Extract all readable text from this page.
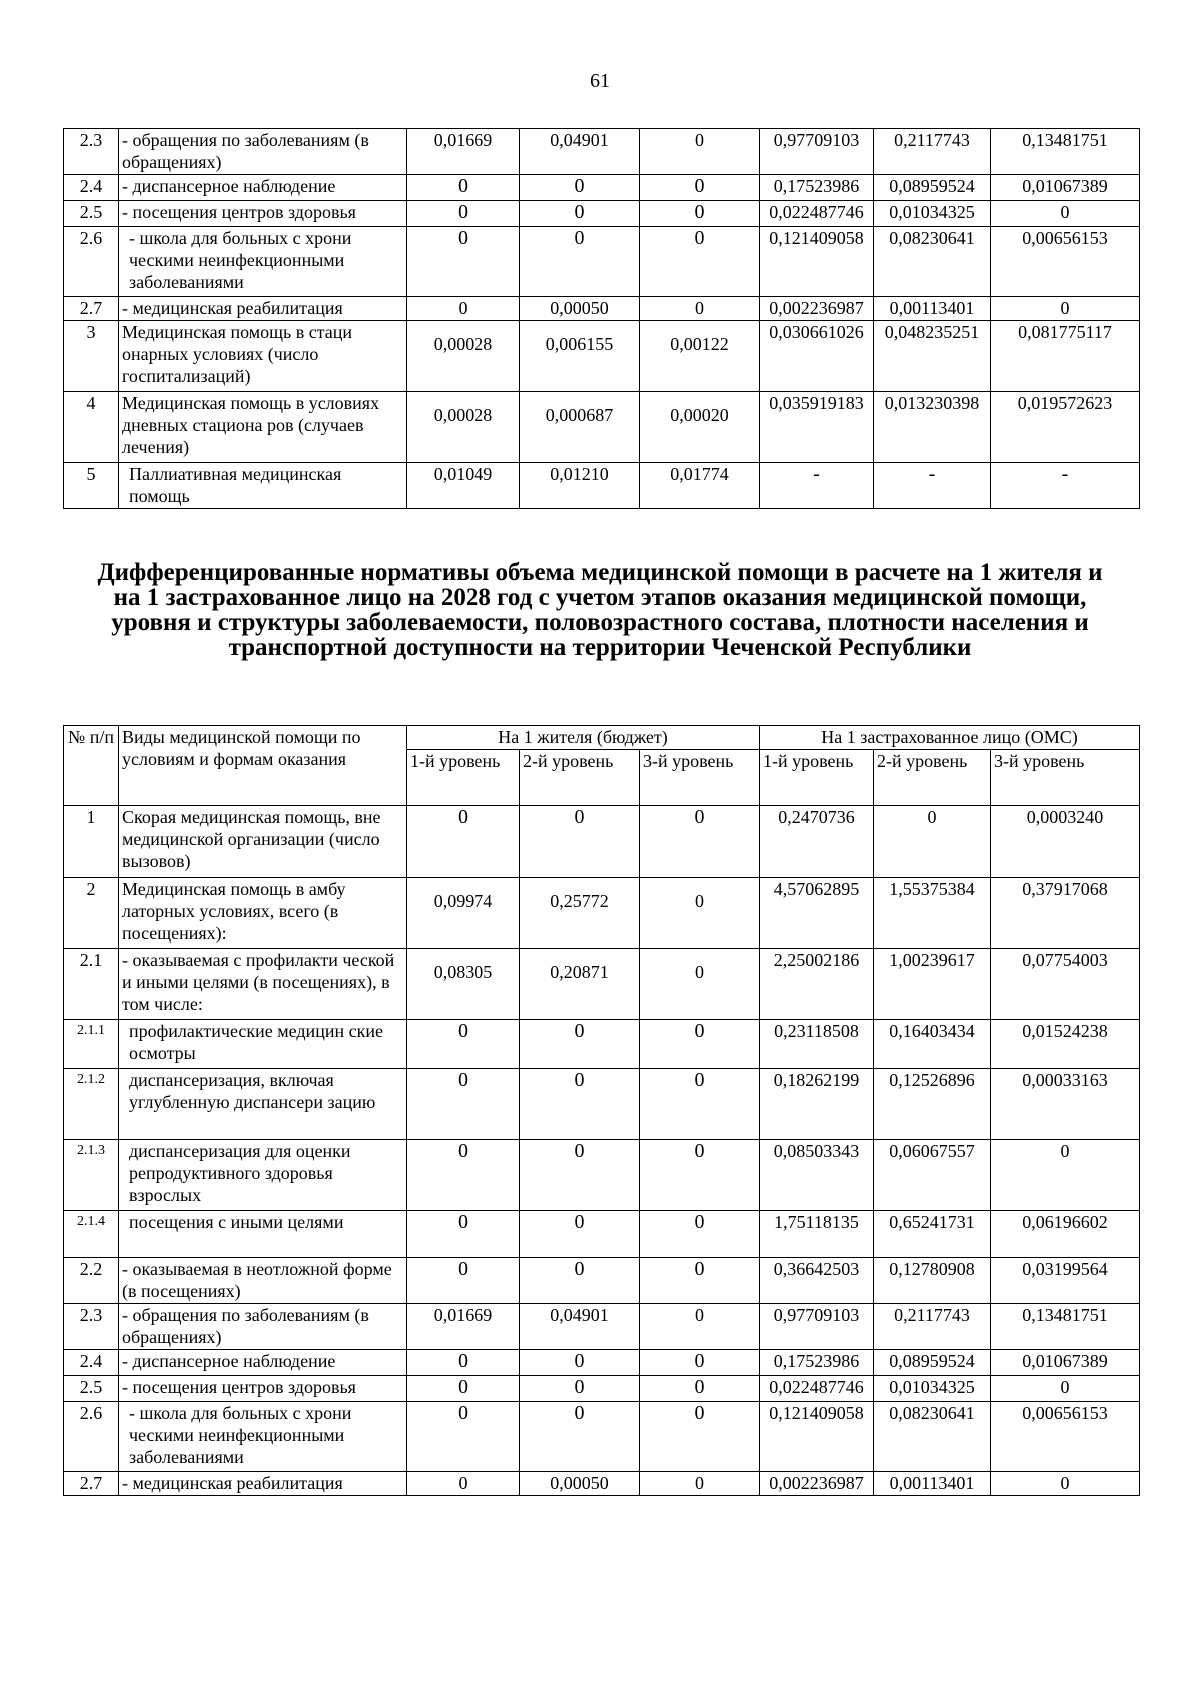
61
2.3	- обращения по заболеваниям (в обращениях)	0,01669	0,04901	0	0,97709103	0,2117743	0,13481751
2.4	- диспансерное наблюдение	0	0	0	0,17523986	0,08959524	0,01067389
2.5	- посещения центров здоровья	0	0	0	0,022487746	0,01034325	0
2.6	- школа для больных с хрони ческими неинфекционными заболеваниями	0	0	0	0,121409058	0,08230641	0,00656153
2.7	- медицинская реабилитация	0	0,00050	0	0,002236987	0,00113401	0
3	Медицинская помощь в стаци онарных условиях (число госпитализаций)	0,00028	0,006155	0,00122	0,030661026	0,048235251	0,081775117
4	Медицинская помощь в условиях дневных стациона ров (случаев лечения)	0,00028	0,000687	0,00020	0,035919183	0,013230398	0,019572623
5	Паллиативная медицинская помощь	0,01049	0,01210	0,01774	-	-	-
Дифференцированные нормативы объема медицинской помощи в расчете на 1 жителя и на 1 застрахованное лицо на 2028 год с учетом этапов оказания медицинской помощи, уровня и структуры заболеваемости, половозрастного состава, плотности населения и транспортной доступности на территории Чеченской Республики
№ п/п	Виды медицинской помощи по условиям и формам оказания	На 1 жителя (бюджет)			На 1 застрахованное лицо (ОМС)		
		1-й уровень	2-й уровень	3-й уровень	1-й уровень	2-й уровень	3-й уровень
1	Скорая медицинская помощь, вне медицинской организации (число вызовов)	0	0	0	0,2470736	0	0,0003240
2	Медицинская помощь в амбу латорных условиях, всего (в посещениях):	0,09974	0,25772	0	4,57062895	1,55375384	0,37917068
2.1	- оказываемая с профилакти ческой и иными целями (в посещениях), в том числе:	0,08305	0,20871	0	2,25002186	1,00239617	0,07754003
2.1.1	профилактические медицин ские осмотры	0	0	0	0,23118508	0,16403434	0,01524238
2.1.2	диспансеризация, включая углубленную диспансери зацию	0	0	0	0,18262199	0,12526896	0,00033163
2.1.3	диспансеризация для оценки репродуктивного здоровья взрослых	0	0	0	0,08503343	0,06067557	0
2.1.4	посещения с иными целями	0	0	0	1,75118135	0,65241731	0,06196602
2.2	- оказываемая в неотложной форме (в посещениях)	0	0	0	0,36642503	0,12780908	0,03199564
2.3	- обращения по заболеваниям (в обращениях)	0,01669	0,04901	0	0,97709103	0,2117743	0,13481751
2.4	- диспансерное наблюдение	0	0	0	0,17523986	0,08959524	0,01067389
2.5	- посещения центров здоровья	0	0	0	0,022487746	0,01034325	0
2.6	- школа для больных с хрони ческими неинфекционными заболеваниями	0	0	0	0,121409058	0,08230641	0,00656153
2.7	- медицинская реабилитация	0	0,00050	0	0,002236987	0,00113401	0
